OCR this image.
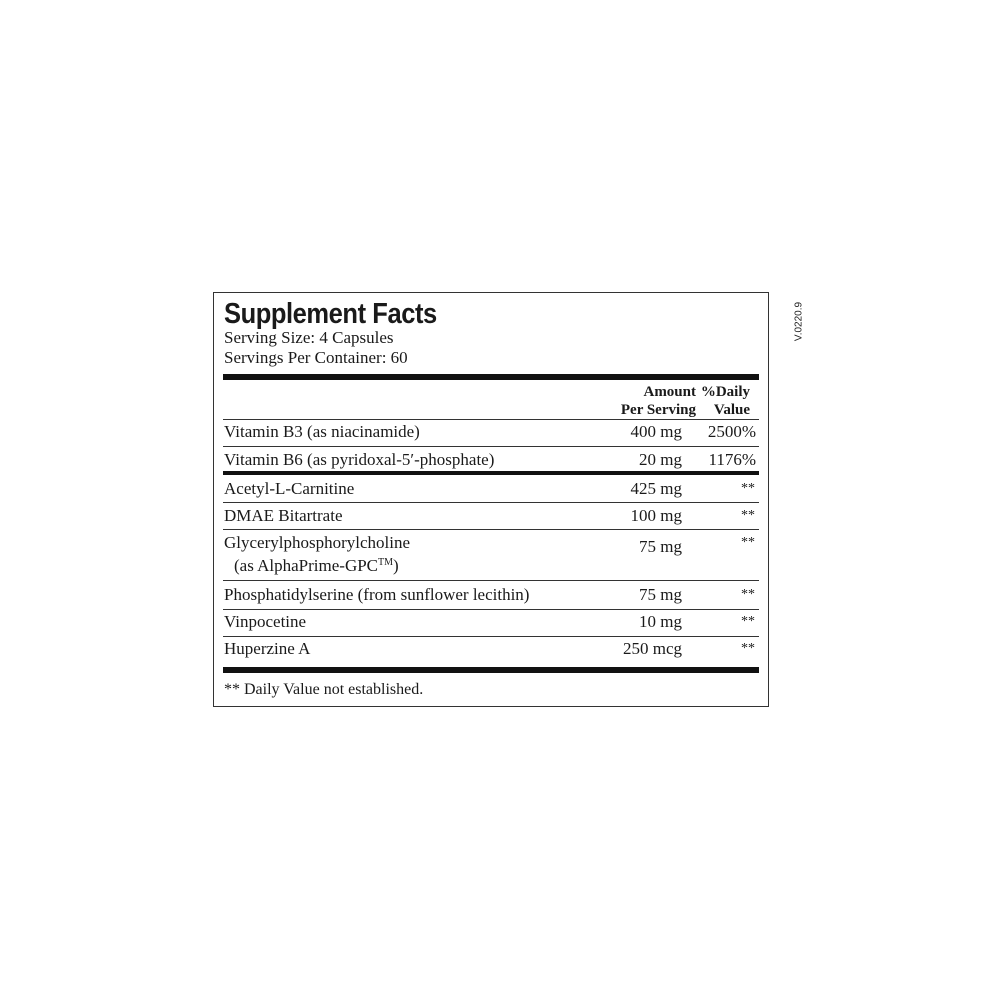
V.0220.9
Supplement Facts
Serving Size: 4 Capsules
Servings Per Container: 60
Amount
Per Serving
%Daily
Value
Vitamin B3 (as niacinamide)	400 mg 2500%
Vitamin B6 (as pyridoxal-5′-phosphate)	20 mg 1176%
Acetyl-L-Carnitine	425 mg	**
DMAE Bitartrate	100 mg	**
Glycerylphosphorylcholine
(as AlphaPrime-GPC™)
75 mg	**
Phosphatidylserine (from sunflower lecithin)	75 mg	**
Vinpocetine	10 mg	**
Huperzine A	250 mcg	**
** Daily Value not established.
